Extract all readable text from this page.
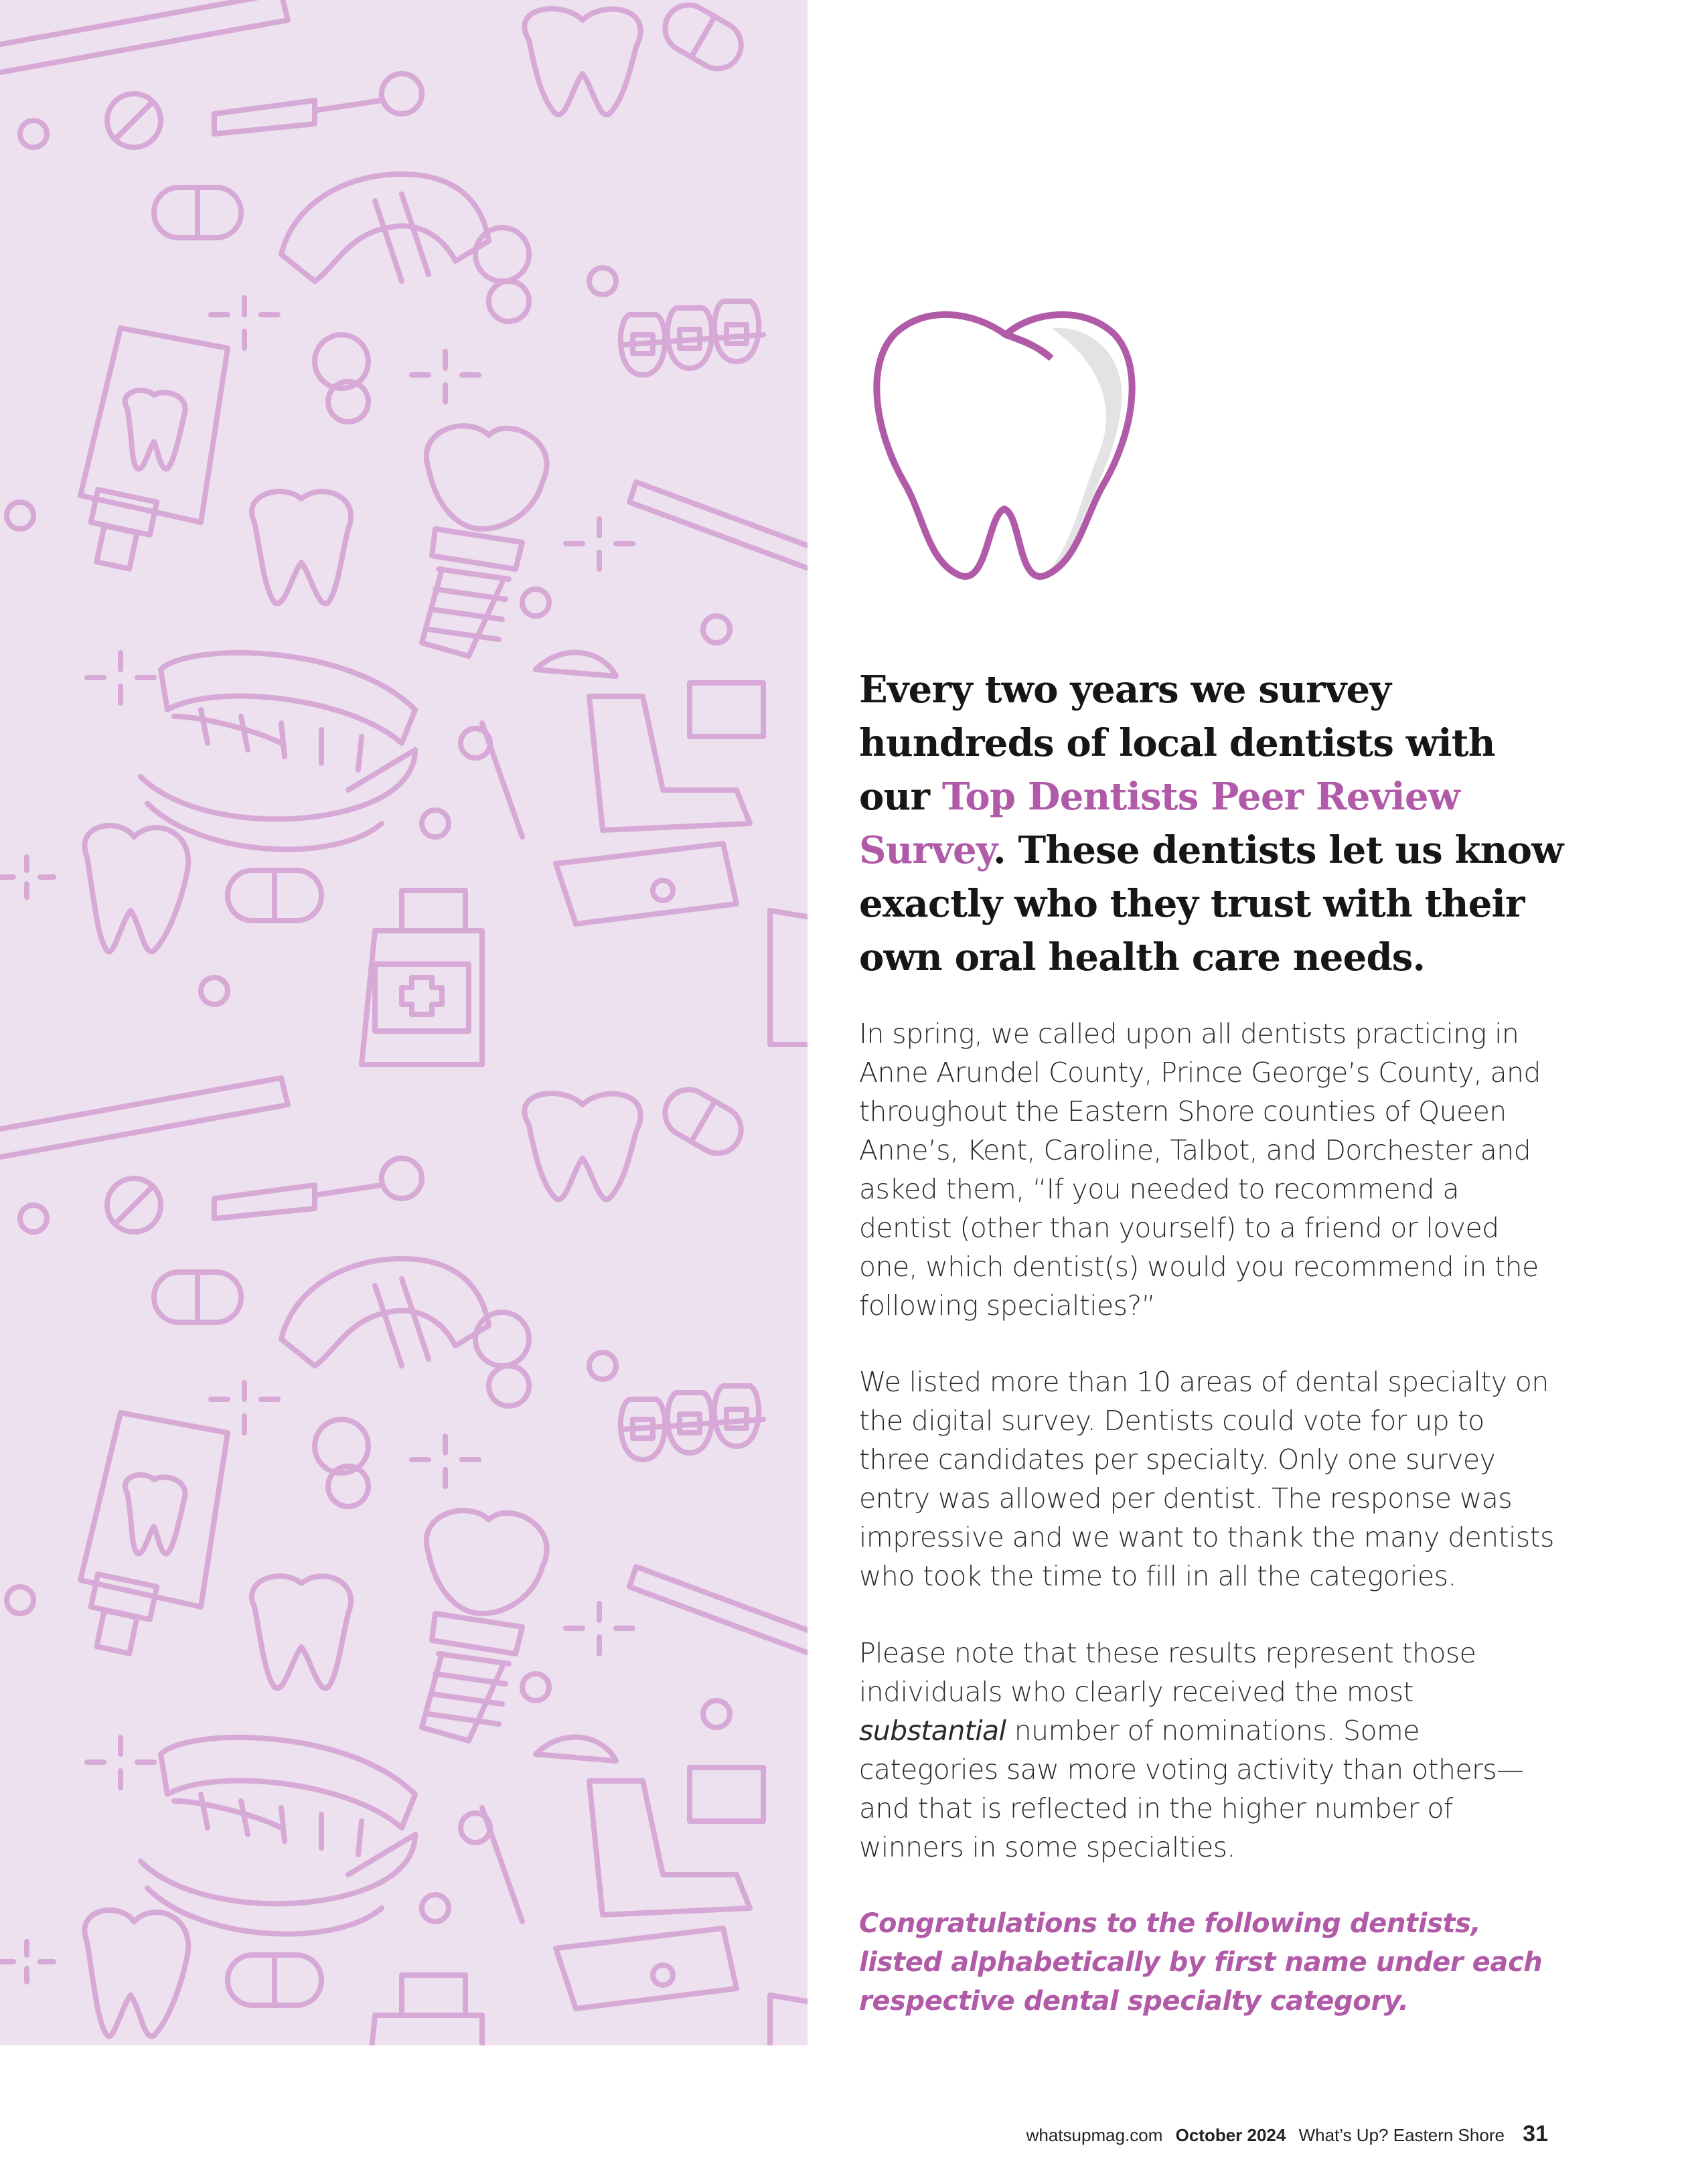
Every two years we survey hundreds of local dentists with our Top Dentists Peer Review Survey. These dentists let us know exactly who they trust with their own oral health care needs.

In spring, we called upon all dentists practicing in Anne Arundel County, Prince George’s County, and throughout the Eastern Shore counties of Queen Anne’s, Kent, Caroline, Talbot, and Dorchester and asked them, “If you needed to recommend a dentist (other than yourself) to a friend or loved one, which dentist(s) would you recommend in the following specialties?”

We listed more than 10 areas of dental specialty on the digital survey. Dentists could vote for up to three candidates per specialty. Only one survey entry was allowed per dentist. The response was impressive and we want to thank the many dentists who took the time to fill in all the categories.

Please note that these results represent those individuals who clearly received the most substantial number of nominations. Some categories saw more voting activity than others—and that is reflected in the higher number of winners in some specialties.

Congratulations to the following dentists, listed alphabetically by first name under each respective dental specialty category.

whatsupmag.com October 2024 What’s Up? Eastern Shore 31
